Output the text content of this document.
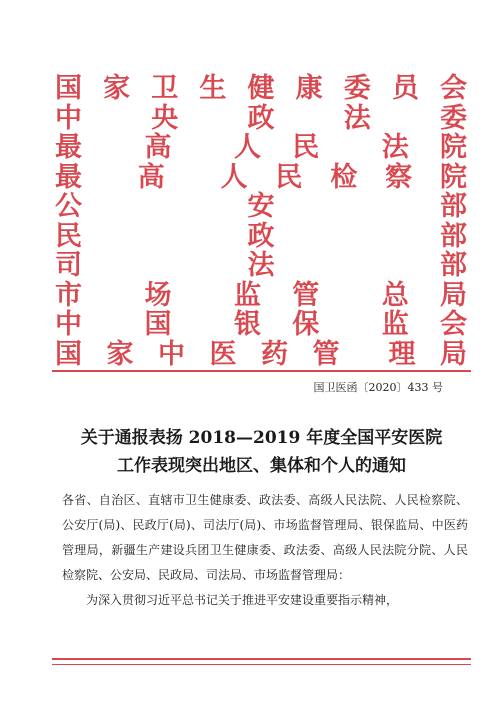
国 家 卫 生 健 康 委 员 会
中	央	政	法	委
最 高 人 民 法 院
最 高 人 民 检 察 院
公	安	部
民	政	部
司	法	部
市 场 监 管 总 局
中 国 银 保 监 会
国 家 中 医 药 管 理 局
国卫医函〔2020〕433 号
关于通报表扬 2018—2019 年度全国平安医院
工作表现突出地区、集体和个人的通知

各省、自治区、直辖市卫生健康委、政法委、高级人民法院、人民检察院、公安厅(局)、民政厅(局)、司法厅(局)、市场监督管理局、银保监局、中医药管理局，新疆生产建设兵团卫生健康委、政法委、高级人民法院分院、人民检察院、公安局、民政局、司法局、市场监督管理局：

为深入贯彻习近平总书记关于推进平安建设重要指示精神，
